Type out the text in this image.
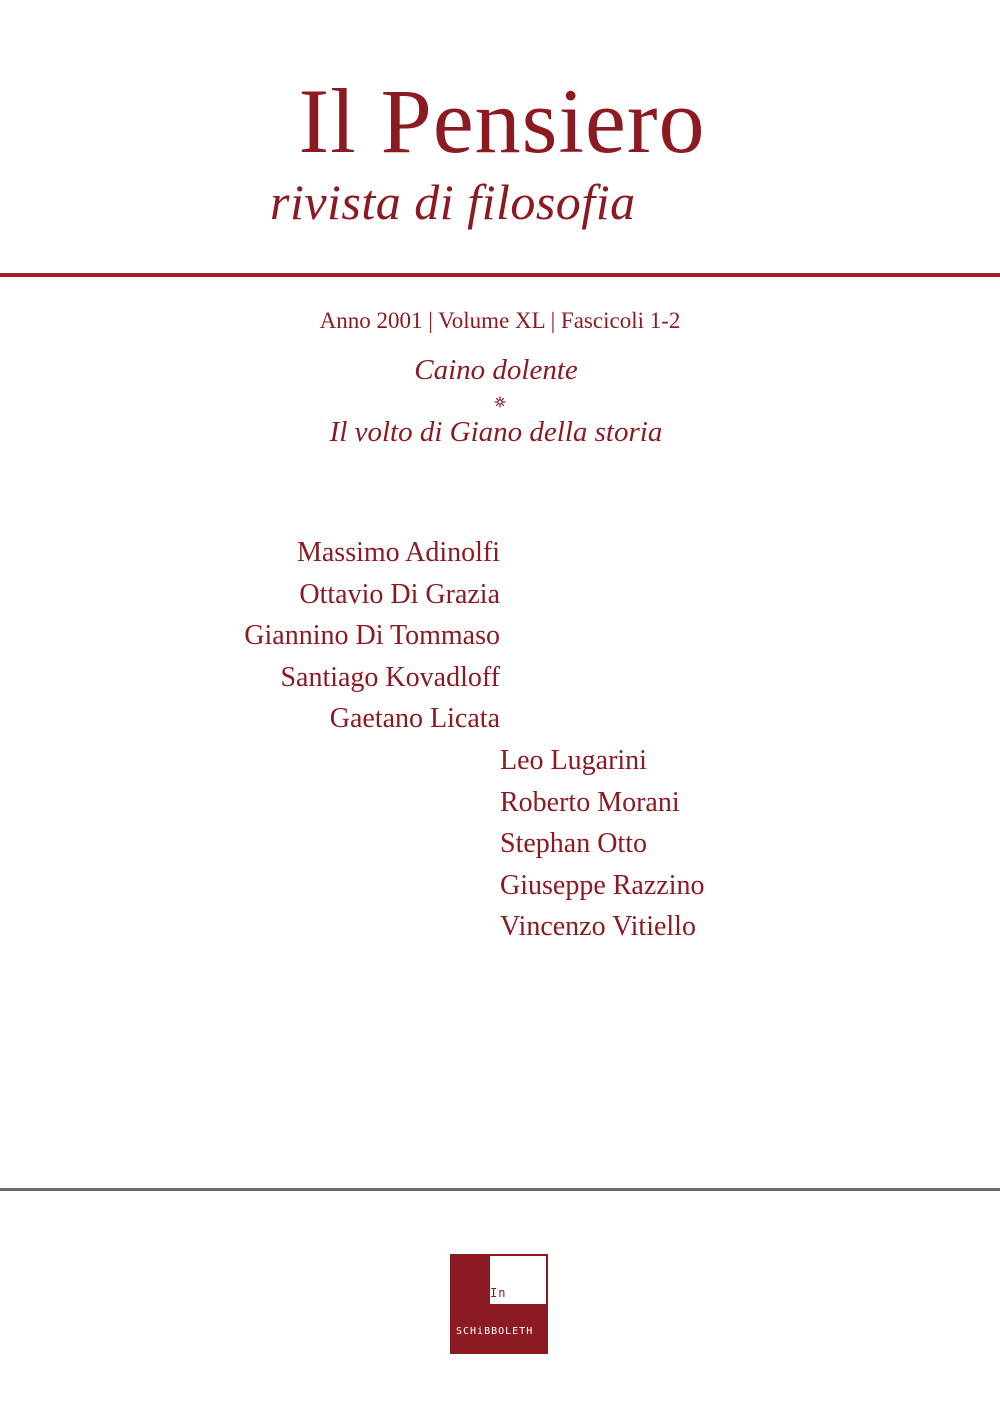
Il Pensiero
rivista di filosofia
Anno 2001 | Volume XL | Fascicoli 1-2
Caino dolente
Il volto di Giano della storia
Massimo Adinolfi
Ottavio Di Grazia
Giannino Di Tommaso
Santiago Kovadloff
Gaetano Licata
Leo Lugarini
Roberto Morani
Stephan Otto
Giuseppe Razzino
Vincenzo Vitiello
In
SCHiBBOLETH
